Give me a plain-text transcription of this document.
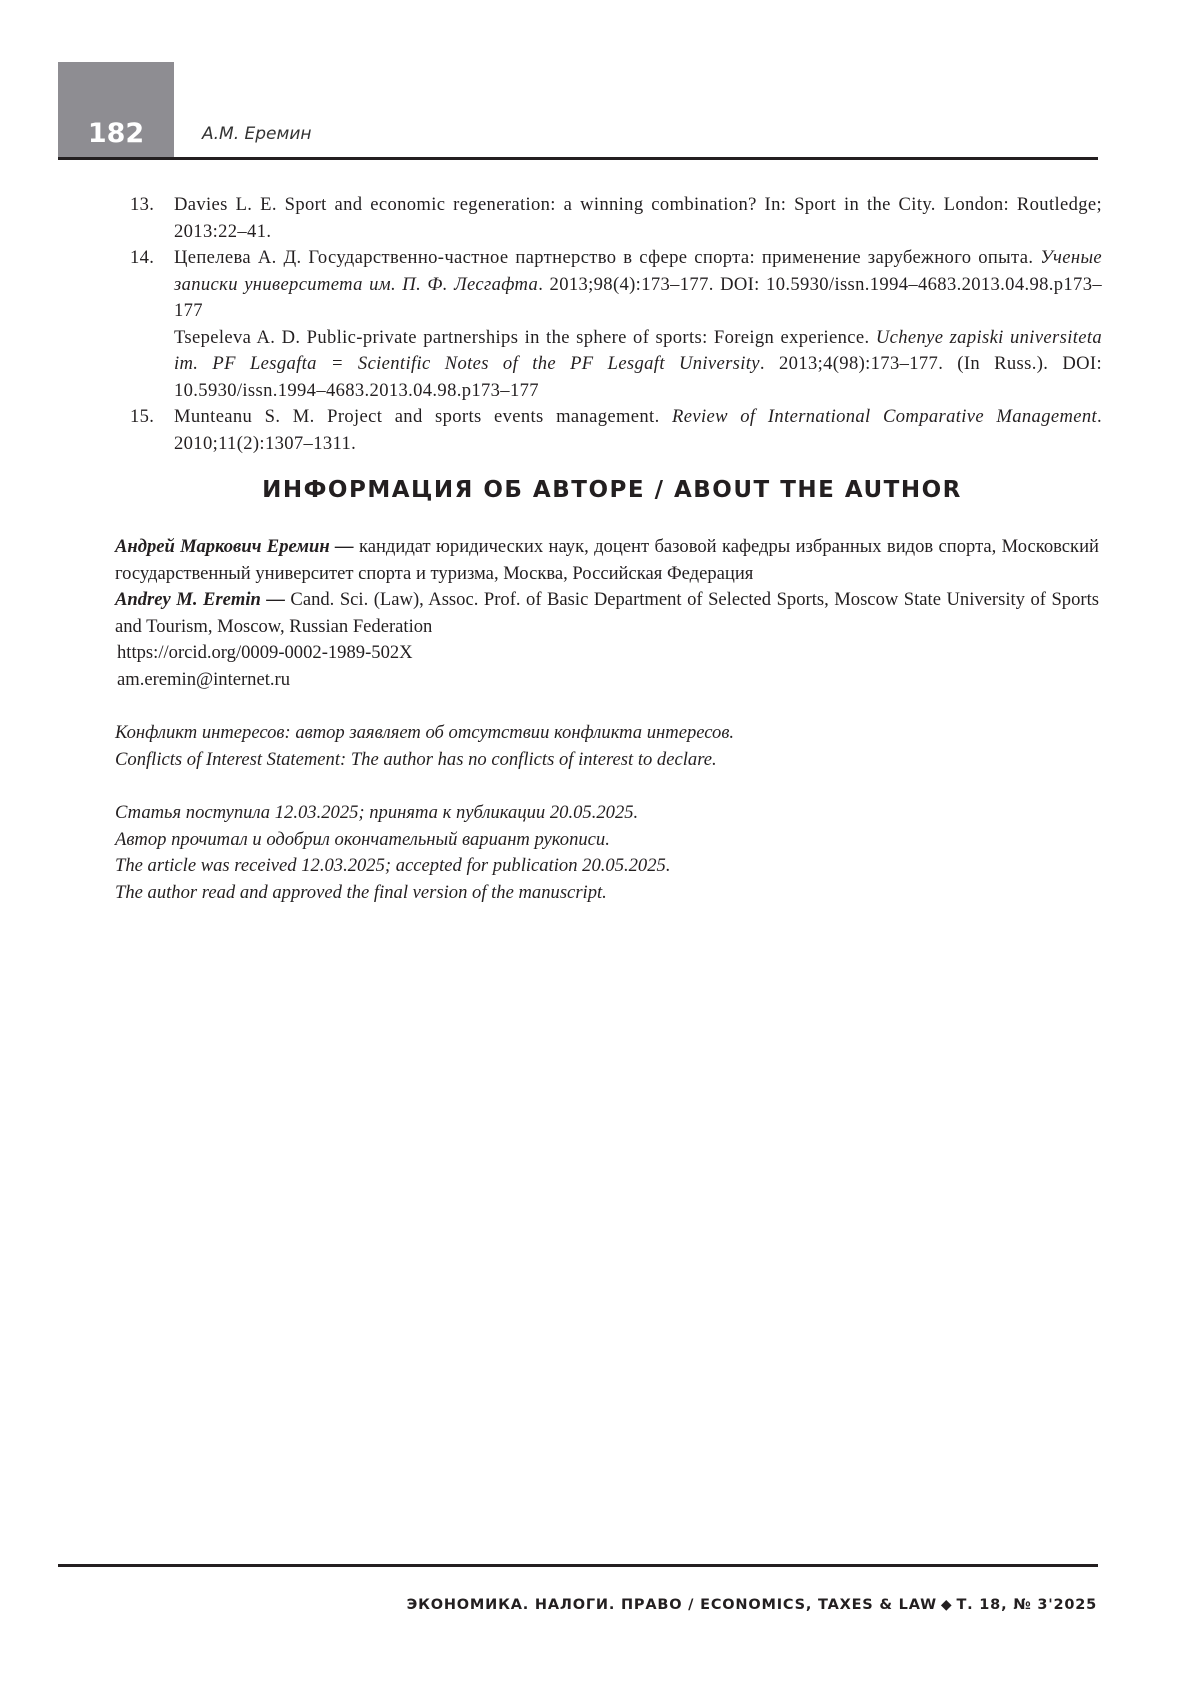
182	А.М. Еремин
13. Davies L. E. Sport and economic regeneration: a winning combination? In: Sport in the City. London: Routledge; 2013:22–41.
14. Цепелева А. Д. Государственно-частное партнерство в сфере спорта: применение зарубежного опыта. Ученые записки университета им. П. Ф. Лесгафта. 2013;98(4):173–177. DOI: 10.5930/issn.1994–4683.2013.04.98.p173–177
Tsepeleva A. D. Public-private partnerships in the sphere of sports: Foreign experience. Uchenye zapiski universiteta im. PF Lesgafta = Scientific Notes of the PF Lesgaft University. 2013;4(98):173–177. (In Russ.). DOI: 10.5930/issn.1994–4683.2013.04.98.p173–177
15. Munteanu S. M. Project and sports events management. Review of International Comparative Management. 2010;11(2):1307–1311.
ИНФОРМАЦИЯ ОБ АВТОРЕ / ABOUT THE AUTHOR

Андрей Маркович Еремин — кандидат юридических наук, доцент базовой кафедры избранных видов спорта, Московский государственный университет спорта и туризма, Москва, Российская Федерация

Andrey M. Eremin — Cand. Sci. (Law), Assoc. Prof. of Basic Department of Selected Sports, Moscow State University of Sports and Tourism, Moscow, Russian Federation

https://orcid.org/0009-0002-1989-502X

am.eremin@internet.ru

Конфликт интересов: автор заявляет об отсутствии конфликта интересов.

Conflicts of Interest Statement: The author has no conflicts of interest to declare.

Статья поступила 12.03.2025; принята к публикации 20.05.2025.

Автор прочитал и одобрил окончательный вариант рукописи.

The article was received 12.03.2025; accepted for publication 20.05.2025.

The author read and approved the final version of the manuscript.

ЭКОНОМИКА. НАЛОГИ. ПРАВО / ECONOMICS, TAXES & LAW ◆ Т. 18, № 3'2025
